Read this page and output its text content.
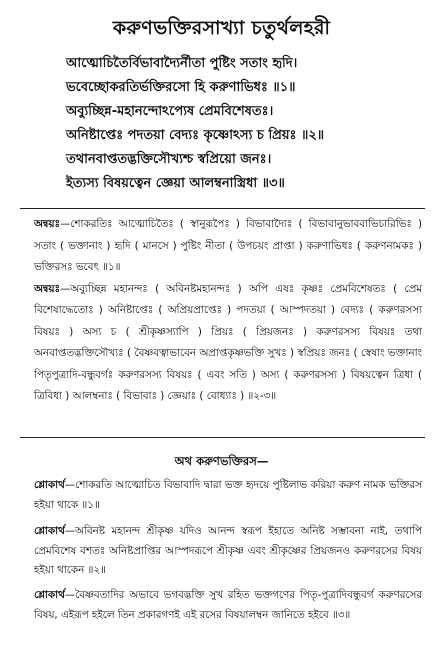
করুণভক্তিরসাখ্যা চতুর্থলহরী
আত্মোচিতৈর্বিভাবাদ্যৈর্নীতা পুষ্টিং সতাং হৃদি।
ভবেচ্ছোকরতির্ভক্তিরসো হি করুণাভিধঃ ॥১॥
অব্যুচ্ছিন্ন-মহানন্দোঽপ্যেষ প্রেমবিশেষতঃ।
অনিষ্টাপ্তেঃ পদতয়া বেদ্যঃ কৃষ্ণোঽস্য চ প্রিয়ঃ ॥২॥
তথানবাপ্ততদ্ভক্তিসৌখ্যশ্চ স্বপ্রিয়ো জনঃ।
ইত্যস্য বিষয়ত্বেন জ্ঞেয়া আলম্বনাস্ত্রিধা ॥৩॥
অন্বয়ঃ—শোকরতিঃ আত্মোচিতৈঃ ( স্বানুরূপৈঃ ) বিভাবাদ্যৈঃ ( বিভাবানুভাববাভিচারিভিঃ ) সতাং ( ভক্তানাং ) হৃদি ( মানসে ) পুষ্টিং নীতা ( উপচয়ং প্রাপ্তা ) করুণাভিধঃ ( করুণনামকঃ ) ভক্তিরসঃ ভবেৎ ॥১॥
অন্বয়ঃ—অব্যুচ্ছিন্ন মহানন্দঃ ( অবিনষ্টমহানন্দঃ ) অপি এষঃ কৃষ্ণঃ প্রেমবিশেষতঃ ( প্রেম বিশেষাদ্ধেতোঃ ) অনিষ্টাপ্তেঃ ( অপ্রিয়প্রাপ্তেঃ ) পদতয়া ( আস্পদতয়া ) বেদ্যঃ ( করুণরসস্য বিষয়ঃ ) অস্য চ ( শ্রীকৃষ্ণস্যাপি ) প্রিয়ঃ ( প্রিয়জনঃ ) করুণরসস্য বিষয়ঃ তথা অনবাপ্ততদ্ভক্তিসৌখ্যঃ ( বৈষ্ণবত্বাভাবেন অপ্রাপ্তকৃষ্ণভক্তি সুখঃ ) স্বপ্রিয়ঃ জনঃ ( স্বেষাং ভক্তানাং পিতৃপুত্রাদি-বন্ধুবর্গঃ করুণরসস্য বিষয়ঃ ( এবং সতি ) অস্য ( করুণরসস্য ) বিষয়ত্বেন ত্রিধা ( ত্রিবিধা ) আলম্বনাঃ ( বিভাবাঃ ) জ্ঞেয়াঃ ( বোধ্যাঃ ) ॥২-৩॥
অথ করুণভক্তিরস—
শ্লোকার্থ—শোকরতি আত্মোচিত বিভাবাদি দ্বারা ভক্ত হৃদয়ে পুষ্টিলাভ করিয়া করুণ নামক ভক্তিরস হইয়া থাকে ॥১॥
শ্লোকার্থ—অবিনষ্ট মহানন্দ শ্রীকৃষ্ণ যদিও আনন্দ স্বরূপ ইহাতে অনিষ্ট সম্ভাবনা নাই, তথাপি প্রেমবিশেষ বশতঃ অনিষ্টপ্রাপ্তির আস্পদরূপে শ্রীকৃষ্ণ এবং শ্রীকৃষ্ণের প্রিয়জনও করুণরসের বিষয় হইয়া থাকেন ॥২॥
শ্লোকার্থ—বৈষ্ণবতাদির অভাবে ভগবদ্ভক্তি সুখ রহিত ভক্তগণের পিতৃ-পুত্রাদিবন্ধুবর্গ করুণরসের বিষয়, এইরূপ হইলে তিন প্রকারগণই এই রসের বিষয়ালম্বন জানিতে হইবে ॥৩॥
